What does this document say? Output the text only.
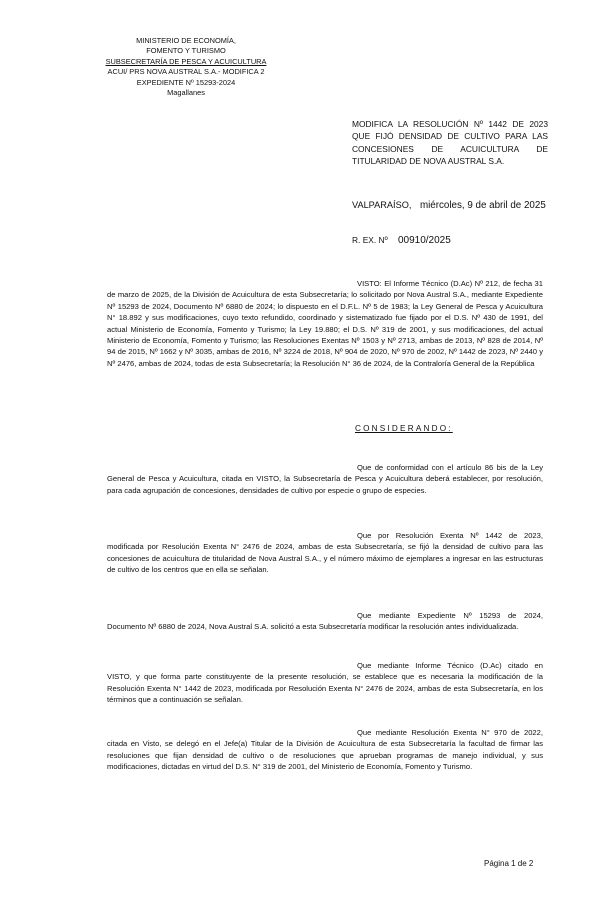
MINISTERIO DE ECONOMÍA,
FOMENTO Y TURISMO
SUBSECRETARÍA DE PESCA Y ACUICULTURA
ACUI/ PRS NOVA AUSTRAL S.A.- MODIFICA 2
EXPEDIENTE Nº 15293-2024
Magallanes
MODIFICA LA RESOLUCIÓN Nº 1442 DE 2023 QUE FIJÓ DENSIDAD DE CULTIVO PARA LAS CONCESIONES DE ACUICULTURA DE TITULARIDAD DE NOVA AUSTRAL S.A.
VALPARAÍSO, miércoles, 9 de abril de 2025
R. EX. Nº 00910/2025

VISTO: El Informe Técnico (D.Ac) Nº 212, de fecha 31 de marzo de 2025, de la División de Acuicultura de esta Subsecretaría; lo solicitado por Nova Austral S.A., mediante Expediente Nº 15293 de 2024, Documento Nº 6880 de 2024; lo dispuesto en el D.F.L. Nº 5 de 1983; la Ley General de Pesca y Acuicultura N° 18.892 y sus modificaciones, cuyo texto refundido, coordinado y sistematizado fue fijado por el D.S. Nº 430 de 1991, del actual Ministerio de Economía, Fomento y Turismo; la Ley 19.880; el D.S. Nº 319 de 2001, y sus modificaciones, del actual Ministerio de Economía, Fomento y Turismo; las Resoluciones Exentas Nº 1503 y Nº 2713, ambas de 2013, Nº 828 de 2014, Nº 94 de 2015, Nº 1662 y Nº 3035, ambas de 2016, Nº 3224 de 2018, Nº 904 de 2020, Nº 970 de 2002, Nº 1442 de 2023, Nº 2440 y Nº 2476, ambas de 2024, todas de esta Subsecretaría; la Resolución N° 36 de 2024, de la Contraloría General de la República

CONSIDERANDO:

Que de conformidad con el artículo 86 bis de la Ley General de Pesca y Acuicultura, citada en VISTO, la Subsecretaría de Pesca y Acuicultura deberá establecer, por resolución, para cada agrupación de concesiones, densidades de cultivo por especie o grupo de especies.

Que por Resolución Exenta Nº 1442 de 2023, modificada por Resolución Exenta N° 2476 de 2024, ambas de esta Subsecretaría, se fijó la densidad de cultivo para las concesiones de acuicultura de titularidad de Nova Austral S.A., y el número máximo de ejemplares a ingresar en las estructuras de cultivo de los centros que en ella se señalan.

Que mediante Expediente Nº 15293 de 2024, Documento Nº 6880 de 2024, Nova Austral S.A. solicitó a esta Subsecretaría modificar la resolución antes individualizada.

Que mediante Informe Técnico (D.Ac) citado en VISTO, y que forma parte constituyente de la presente resolución, se establece que es necesaria la modificación de la Resolución Exenta N° 1442 de 2023, modificada por Resolución Exenta N° 2476 de 2024, ambas de esta Subsecretaría, en los términos que a continuación se señalan.

Que mediante Resolución Exenta N° 970 de 2022, citada en Visto, se delegó en el Jefe(a) Titular de la División de Acuicultura de esta Subsecretaría la facultad de firmar las resoluciones que fijan densidad de cultivo o de resoluciones que aprueban programas de manejo individual, y sus modificaciones, dictadas en virtud del D.S. N° 319 de 2001, del Ministerio de Economía, Fomento y Turismo.

Página 1 de 2
